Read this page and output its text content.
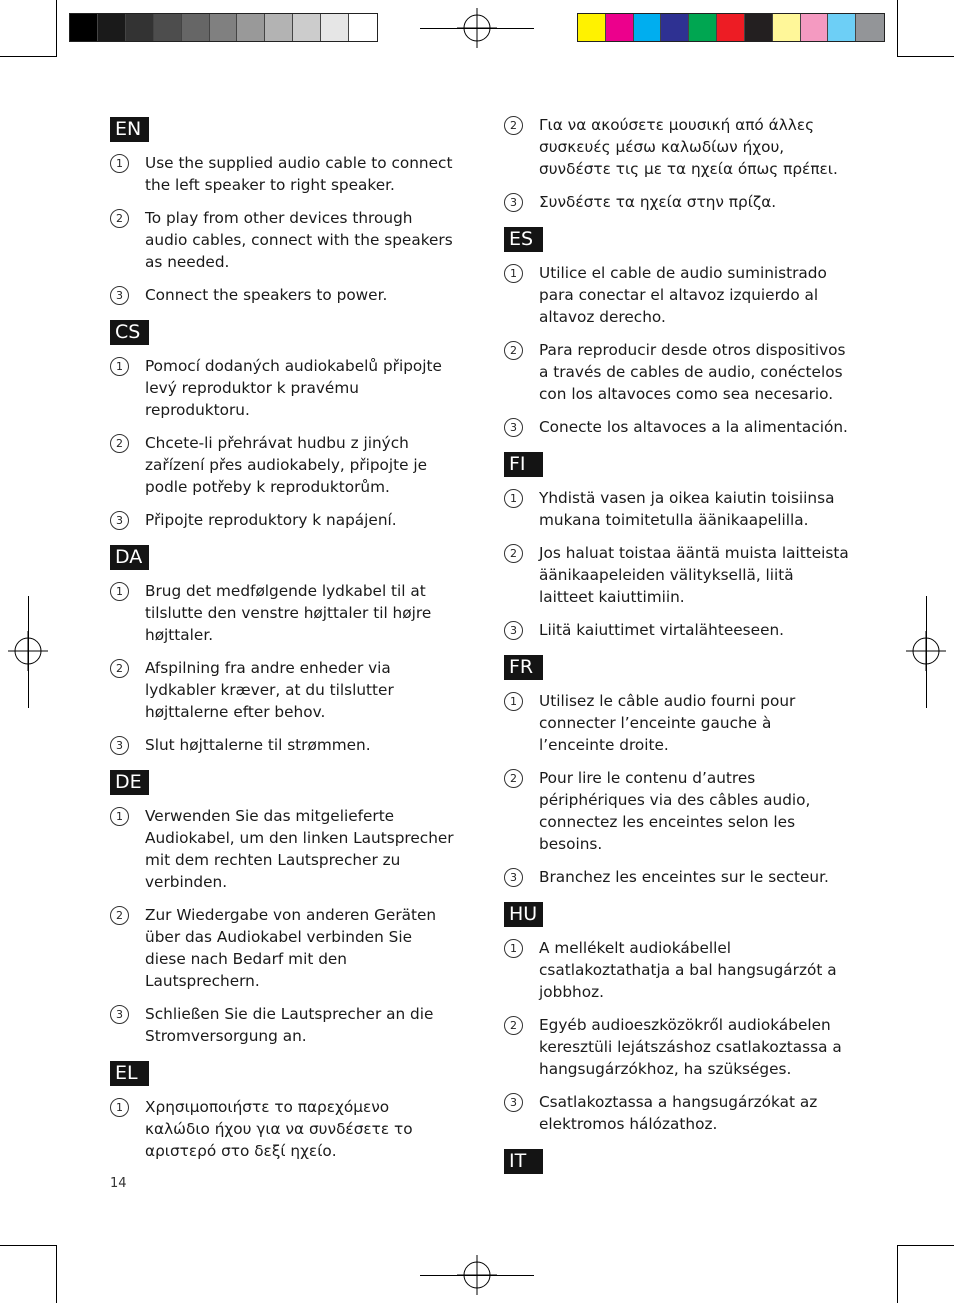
EN
1	Use the supplied audio cable to connect the left speaker to right speaker.
2	To play from other devices through audio cables, connect with the speakers as needed.
3	Connect the speakers to power.
CS
1	Pomocí dodaných audiokabelů připojte levý reproduktor k pravému reproduktoru.
2	Chcete-li přehrávat hudbu z jiných zařízení přes audiokabely, připojte je podle potřeby k reproduktorům.
3	Připojte reproduktory k napájení.
DA
1	Brug det medfølgende lydkabel til at tilslutte den venstre højttaler til højre højttaler.
2	Afspilning fra andre enheder via lydkabler kræver, at du tilslutter højttalerne efter behov.
3	Slut højttalerne til strømmen.
DE
1	Verwenden Sie das mitgelieferte Audiokabel, um den linken Lautsprecher mit dem rechten Lautsprecher zu verbinden.
2	Zur Wiedergabe von anderen Geräten über das Audiokabel verbinden Sie diese nach Bedarf mit den Lautsprechern.
3	Schließen Sie die Lautsprecher an die Stromversorgung an.
EL
1	Χρησιμοποιήστε το παρεχόμενο καλώδιο ήχου για να συνδέσετε το αριστερό στο δεξί ηχείο.
2	Για να ακούσετε μουσική από άλλες συσκευές μέσω καλωδίων ήχου, συνδέστε τις με τα ηχεία όπως πρέπει.
3	Συνδέστε τα ηχεία στην πρίζα.
ES
1	Utilice el cable de audio suministrado para conectar el altavoz izquierdo al altavoz derecho.
2	Para reproducir desde otros dispositivos a través de cables de audio, conéctelos con los altavoces como sea necesario.
3	Conecte los altavoces a la alimentación.
FI
1	Yhdistä vasen ja oikea kaiutin toisiinsa mukana toimitetulla äänikaapelilla.
2	Jos haluat toistaa ääntä muista laitteista äänikaapeleiden välityksellä, liitä laitteet kaiuttimiin.
3	Liitä kaiuttimet virtalähteeseen.
FR
1	Utilisez le câble audio fourni pour connecter l’enceinte gauche à l’enceinte droite.
2	Pour lire le contenu d’autres périphériques via des câbles audio, connectez les enceintes selon les besoins.
3	Branchez les enceintes sur le secteur.
HU
1	A mellékelt audiokábellel csatlakoztathatja a bal hangsugárzót a jobbhoz.
2	Egyéb audioeszközökről audiokábelen keresztüli lejátszáshoz csatlakoztassa a hangsugárzókhoz, ha szükséges.
3	Csatlakoztassa a hangsugárzókat az elektromos hálózathoz.
IT
14
